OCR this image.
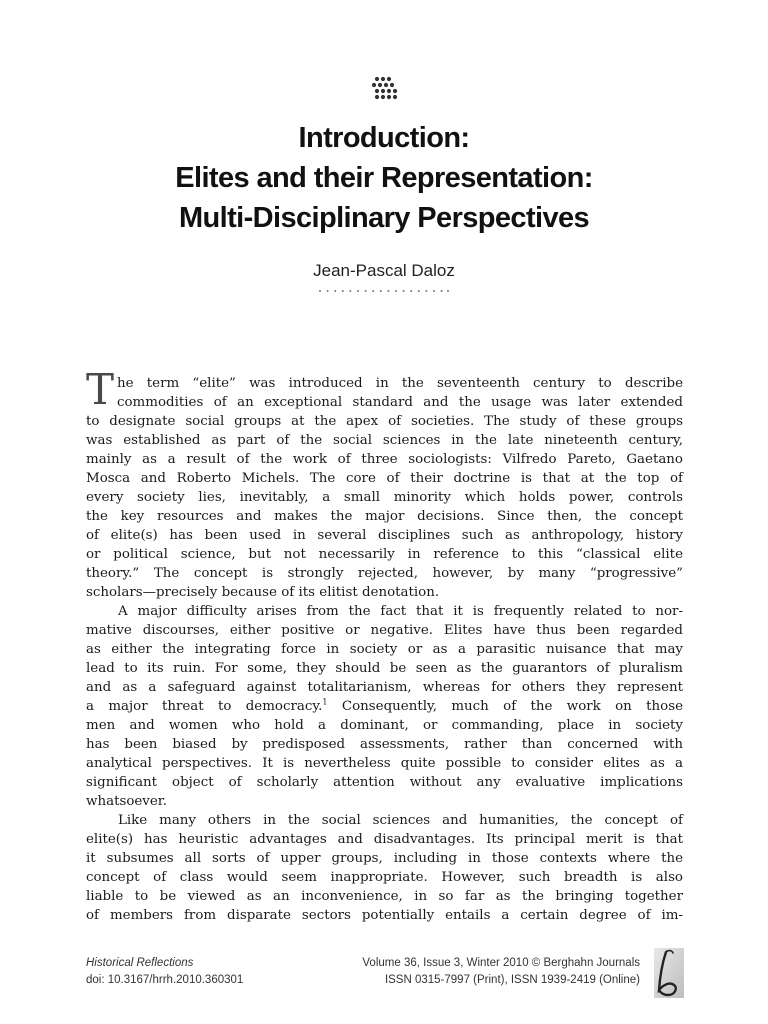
Introduction:
Elites and their Representation:
Multi-Disciplinary Perspectives
Jean-Pascal Daloz
T he term “elite” was introduced in the seventeenth century to describe
commodities of an exceptional standard and the usage was later extended
to designate social groups at the apex of societies. The study of these groups
was established as part of the social sciences in the late nineteenth century,
mainly as a result of the work of three sociologists: Vilfredo Pareto, Gaetano
Mosca and Roberto Michels. The core of their doctrine is that at the top of
every society lies, inevitably, a small minority which holds power, controls
the key resources and makes the major decisions. Since then, the concept
of elite(s) has been used in several disciplines such as anthropology, history
or political science, but not necessarily in reference to this “classical elite
theory.” The concept is strongly rejected, however, by many “progressive”
scholars—precisely because of its elitist denotation.
A major difficulty arises from the fact that it is frequently related to nor-
mative discourses, either positive or negative. Elites have thus been regarded
as either the integrating force in society or as a parasitic nuisance that may
lead to its ruin. For some, they should be seen as the guarantors of pluralism
and as a safeguard against totalitarianism, whereas for others they represent
a major threat to democracy.$^1$ Consequently, much of the work on those
men and women who hold a dominant, or commanding, place in society
has been biased by predisposed assessments, rather than concerned with
analytical perspectives. It is nevertheless quite possible to consider elites as a
significant object of scholarly attention without any evaluative implications
whatsoever.
Like many others in the social sciences and humanities, the concept of
elite(s) has heuristic advantages and disadvantages. Its principal merit is that
it subsumes all sorts of upper groups, including in those contexts where the
concept of class would seem inappropriate. However, such breadth is also
liable to be viewed as an inconvenience, in so far as the bringing together
of members from disparate sectors potentially entails a certain degree of im-
Historical Reflections
doi: 10.3167/hrrh.2010.360301
Volume 36, Issue 3, Winter 2010 © Berghahn Journals
ISSN 0315-7997 (Print), ISSN 1939-2419 (Online)
